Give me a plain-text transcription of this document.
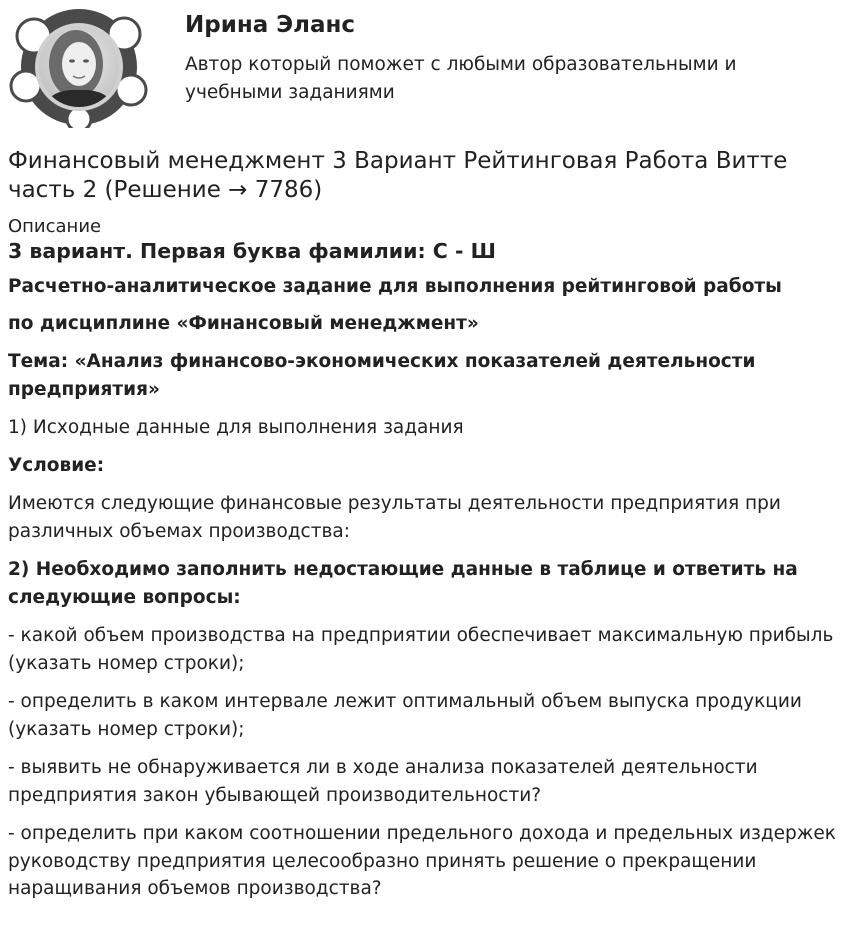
Ирина Эланс
Автор который поможет с любыми образовательными и учебными заданиями
Финансовый менеджмент 3 Вариант Рейтинговая Работа Витте часть 2 (Решение → 7786)
Описание
3 вариант. Первая буква фамилии: С - Ш

Расчетно-аналитическое задание для выполнения рейтинговой работы

по дисциплине «Финансовый менеджмент»

Тема: «Анализ финансово-экономических показателей деятельности предприятия»

1) Исходные данные для выполнения задания

Условие:

Имеются следующие финансовые результаты деятельности предприятия при различных объемах производства:

2) Необходимо заполнить недостающие данные в таблице и ответить на следующие вопросы:

- какой объем производства на предприятии обеспечивает максимальную прибыль (указать номер строки);

- определить в каком интервале лежит оптимальный объем выпуска продукции (указать номер строки);

- выявить не обнаруживается ли в ходе анализа показателей деятельности предприятия закон убывающей производительности?

- определить при каком соотношении предельного дохода и предельных издержек руководству предприятия целесообразно принять решение о прекращении наращивания объемов производства?
